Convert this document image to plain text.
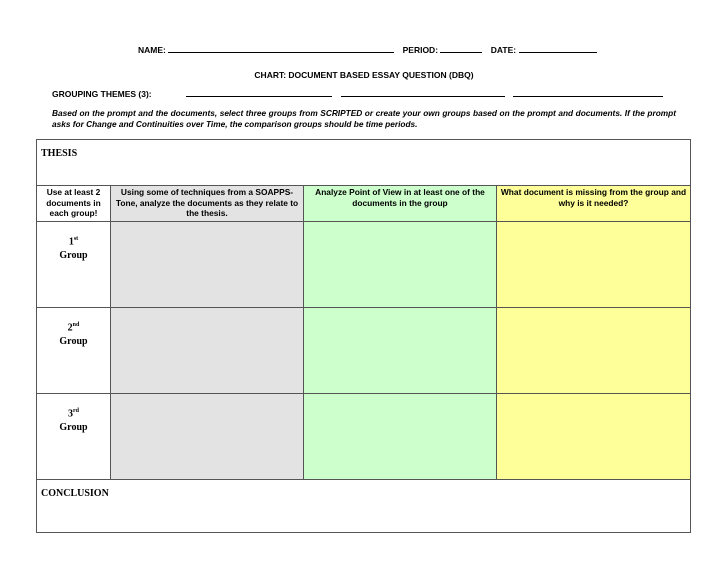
NAME:	PERIOD:	DATE:
CHART: DOCUMENT BASED ESSAY QUESTION (DBQ)
GROUPING THEMES (3):
Based on the prompt and the documents, select three groups from SCRIPTED or create your own groups based on the prompt and documents. If the prompt asks for Change and Continuities over Time, the comparison groups should be time periods.
THESIS			
Use at least 2 documents in each group!	Using some of techniques from a SOAPPS-Tone, analyze the documents as they relate to the thesis.	Analyze Point of View in at least one of the documents in the group	What document is missing from the group and why is it needed?
1st
Group			
2nd
Group			
3rd
Group			
CONCLUSION			
